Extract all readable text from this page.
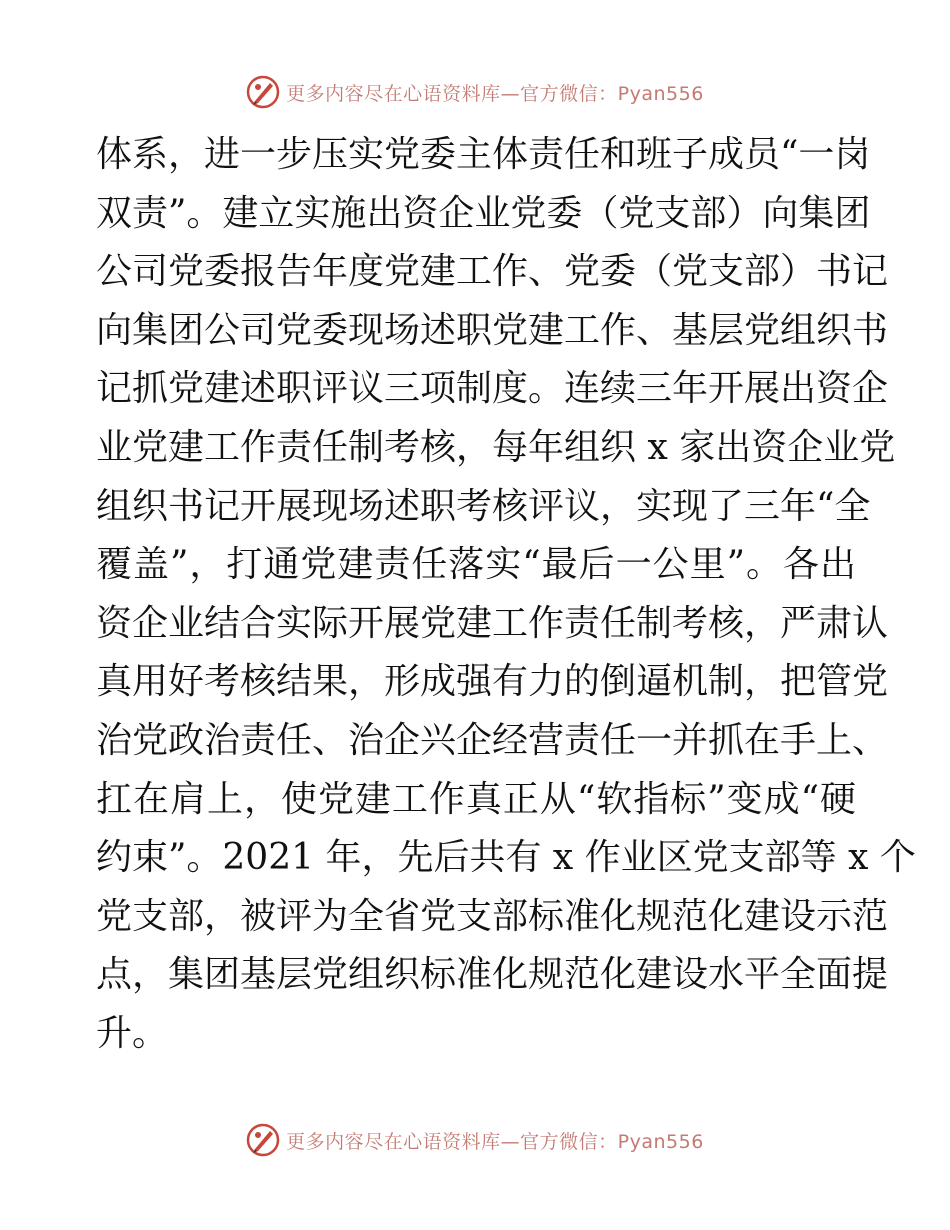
更多内容尽在心语资料库—官方微信：Pyan556
体系，进一步压实党委主体责任和班子成员“一岗
双责”。建立实施出资企业党委（党支部）向集团
公司党委报告年度党建工作、党委（党支部）书记
向集团公司党委现场述职党建工作、基层党组织书
记抓党建述职评议三项制度。连续三年开展出资企
业党建工作责任制考核，每年组织 x 家出资企业党
组织书记开展现场述职考核评议，实现了三年“全
覆盖”，打通党建责任落实“最后一公里”。各出
资企业结合实际开展党建工作责任制考核，严肃认
真用好考核结果，形成强有力的倒逼机制，把管党
治党政治责任、治企兴企经营责任一并抓在手上、
扛在肩上，使党建工作真正从“软指标”变成“硬
约束”。2021 年，先后共有 x 作业区党支部等 x 个
党支部，被评为全省党支部标准化规范化建设示范
点，集团基层党组织标准化规范化建设水平全面提
升。
更多内容尽在心语资料库—官方微信：Pyan556
